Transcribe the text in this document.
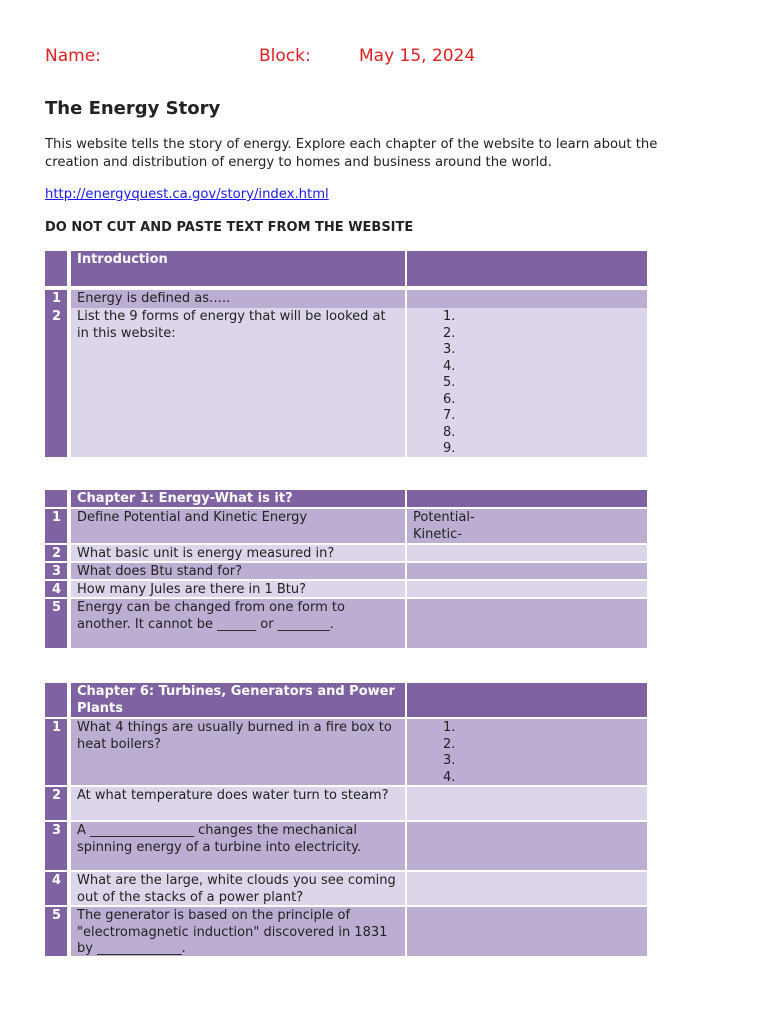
Name:	Block:	May 15, 2024
The Energy Story
This website tells the story of energy. Explore each chapter of the website to learn about the creation and distribution of energy to homes and business around the world.
http://energyquest.ca.gov/story/index.html
DO NOT CUT AND PASTE TEXT FROM THE WEBSITE
Introduction
1	Energy is defined as…..
2	List the 9 forms of energy that will be looked at in this website:
1.
2.
3.
4.
5.
6.
7.
8.
9.
Chapter 1: Energy-What is it?
1	Define Potential and Kinetic Energy	Potential-
Kinetic-
2	What basic unit is energy measured in?
3	What does Btu stand for?
4	How many Jules are there in 1 Btu?
5	Energy can be changed from one form to another. It cannot be ______ or ________.
Chapter 6: Turbines, Generators and Power Plants
1	What 4 things are usually burned in a fire box to heat boilers?
1.
2.
3.
4.
2	At what temperature does water turn to steam?
3	A ________________ changes the mechanical spinning energy of a turbine into electricity.
4	What are the large, white clouds you see coming out of the stacks of a power plant?
5	The generator is based on the principle of "electromagnetic induction" discovered in 1831 by _____________.
